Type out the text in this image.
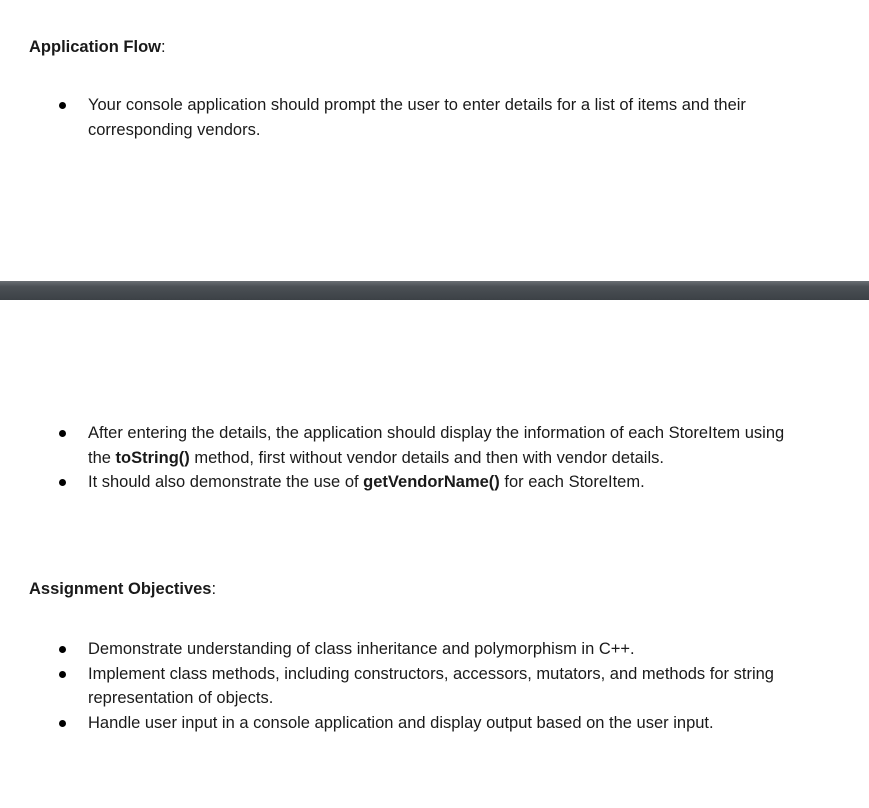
Application Flow:
Your console application should prompt the user to enter details for a list of items and their corresponding vendors.
After entering the details, the application should display the information of each StoreItem using the toString() method, first without vendor details and then with vendor details.
It should also demonstrate the use of getVendorName() for each StoreItem.
Assignment Objectives:
Demonstrate understanding of class inheritance and polymorphism in C++.
Implement class methods, including constructors, accessors, mutators, and methods for string representation of objects.
Handle user input in a console application and display output based on the user input.
